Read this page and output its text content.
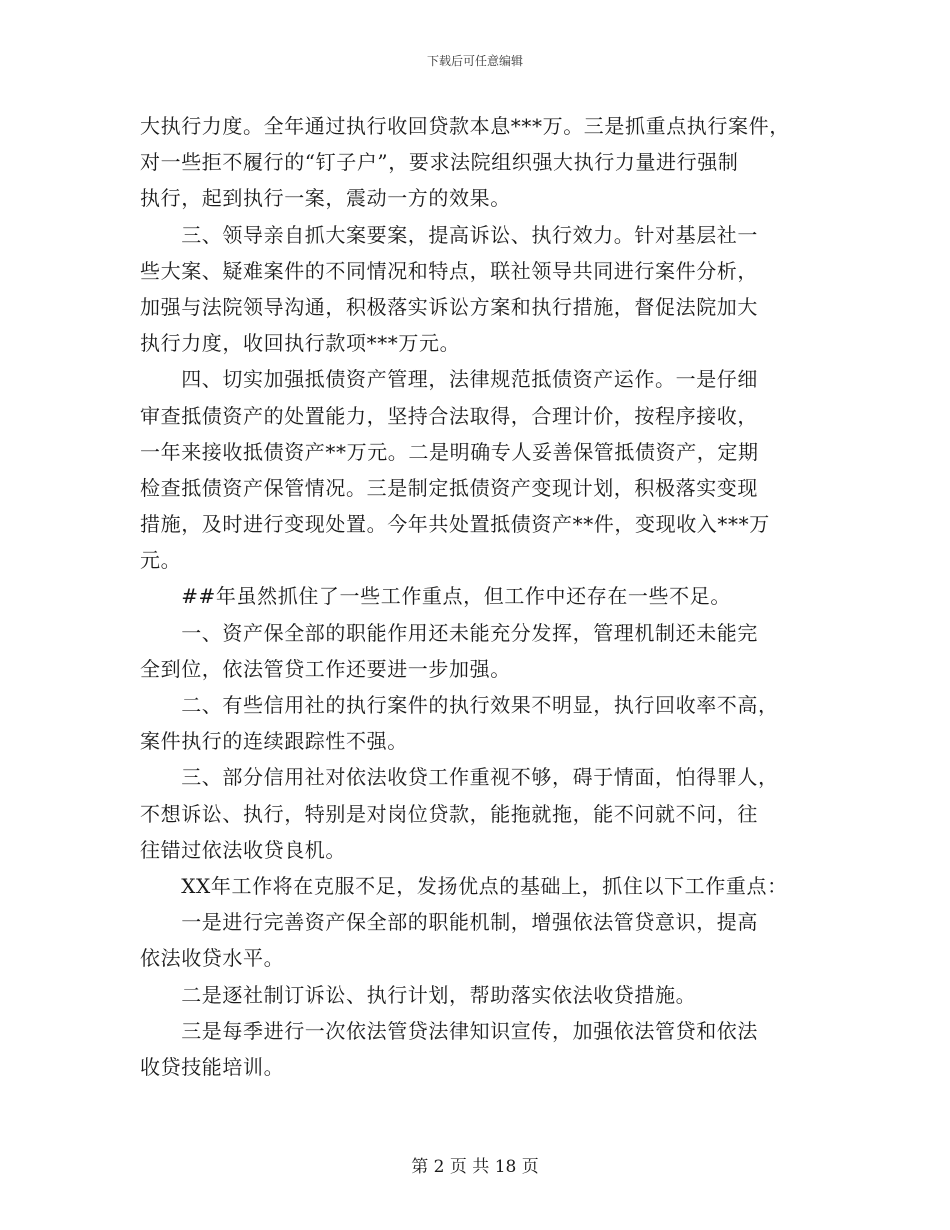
下载后可任意编辑
大执行力度。全年通过执行收回贷款本息***万。三是抓重点执行案件，
对一些拒不履行的“钉子户”，要求法院组织强大执行力量进行强制
执行，起到执行一案，震动一方的效果。
　　三、领导亲自抓大案要案，提高诉讼、执行效力。针对基层社一
些大案、疑难案件的不同情况和特点，联社领导共同进行案件分析，
加强与法院领导沟通，积极落实诉讼方案和执行措施，督促法院加大
执行力度，收回执行款项***万元。
　　四、切实加强抵债资产管理，法律规范抵债资产运作。一是仔细
审查抵债资产的处置能力，坚持合法取得，合理计价，按程序接收，
一年来接收抵债资产**万元。二是明确专人妥善保管抵债资产，定期
检查抵债资产保管情况。三是制定抵债资产变现计划，积极落实变现
措施，及时进行变现处置。今年共处置抵债资产**件，变现收入***万
元。
　　##年虽然抓住了一些工作重点，但工作中还存在一些不足。
　　一、资产保全部的职能作用还未能充分发挥，管理机制还未能完
全到位，依法管贷工作还要进一步加强。
　　二、有些信用社的执行案件的执行效果不明显，执行回收率不高，
案件执行的连续跟踪性不强。
　　三、部分信用社对依法收贷工作重视不够，碍于情面，怕得罪人，
不想诉讼、执行，特别是对岗位贷款，能拖就拖，能不问就不问，往
往错过依法收贷良机。
　　XX年工作将在克服不足，发扬优点的基础上，抓住以下工作重点：
　　一是进行完善资产保全部的职能机制，增强依法管贷意识，提高
依法收贷水平。
　　二是逐社制订诉讼、执行计划，帮助落实依法收贷措施。
　　三是每季进行一次依法管贷法律知识宣传，加强依法管贷和依法
收贷技能培训。
第 2 页 共 18 页
